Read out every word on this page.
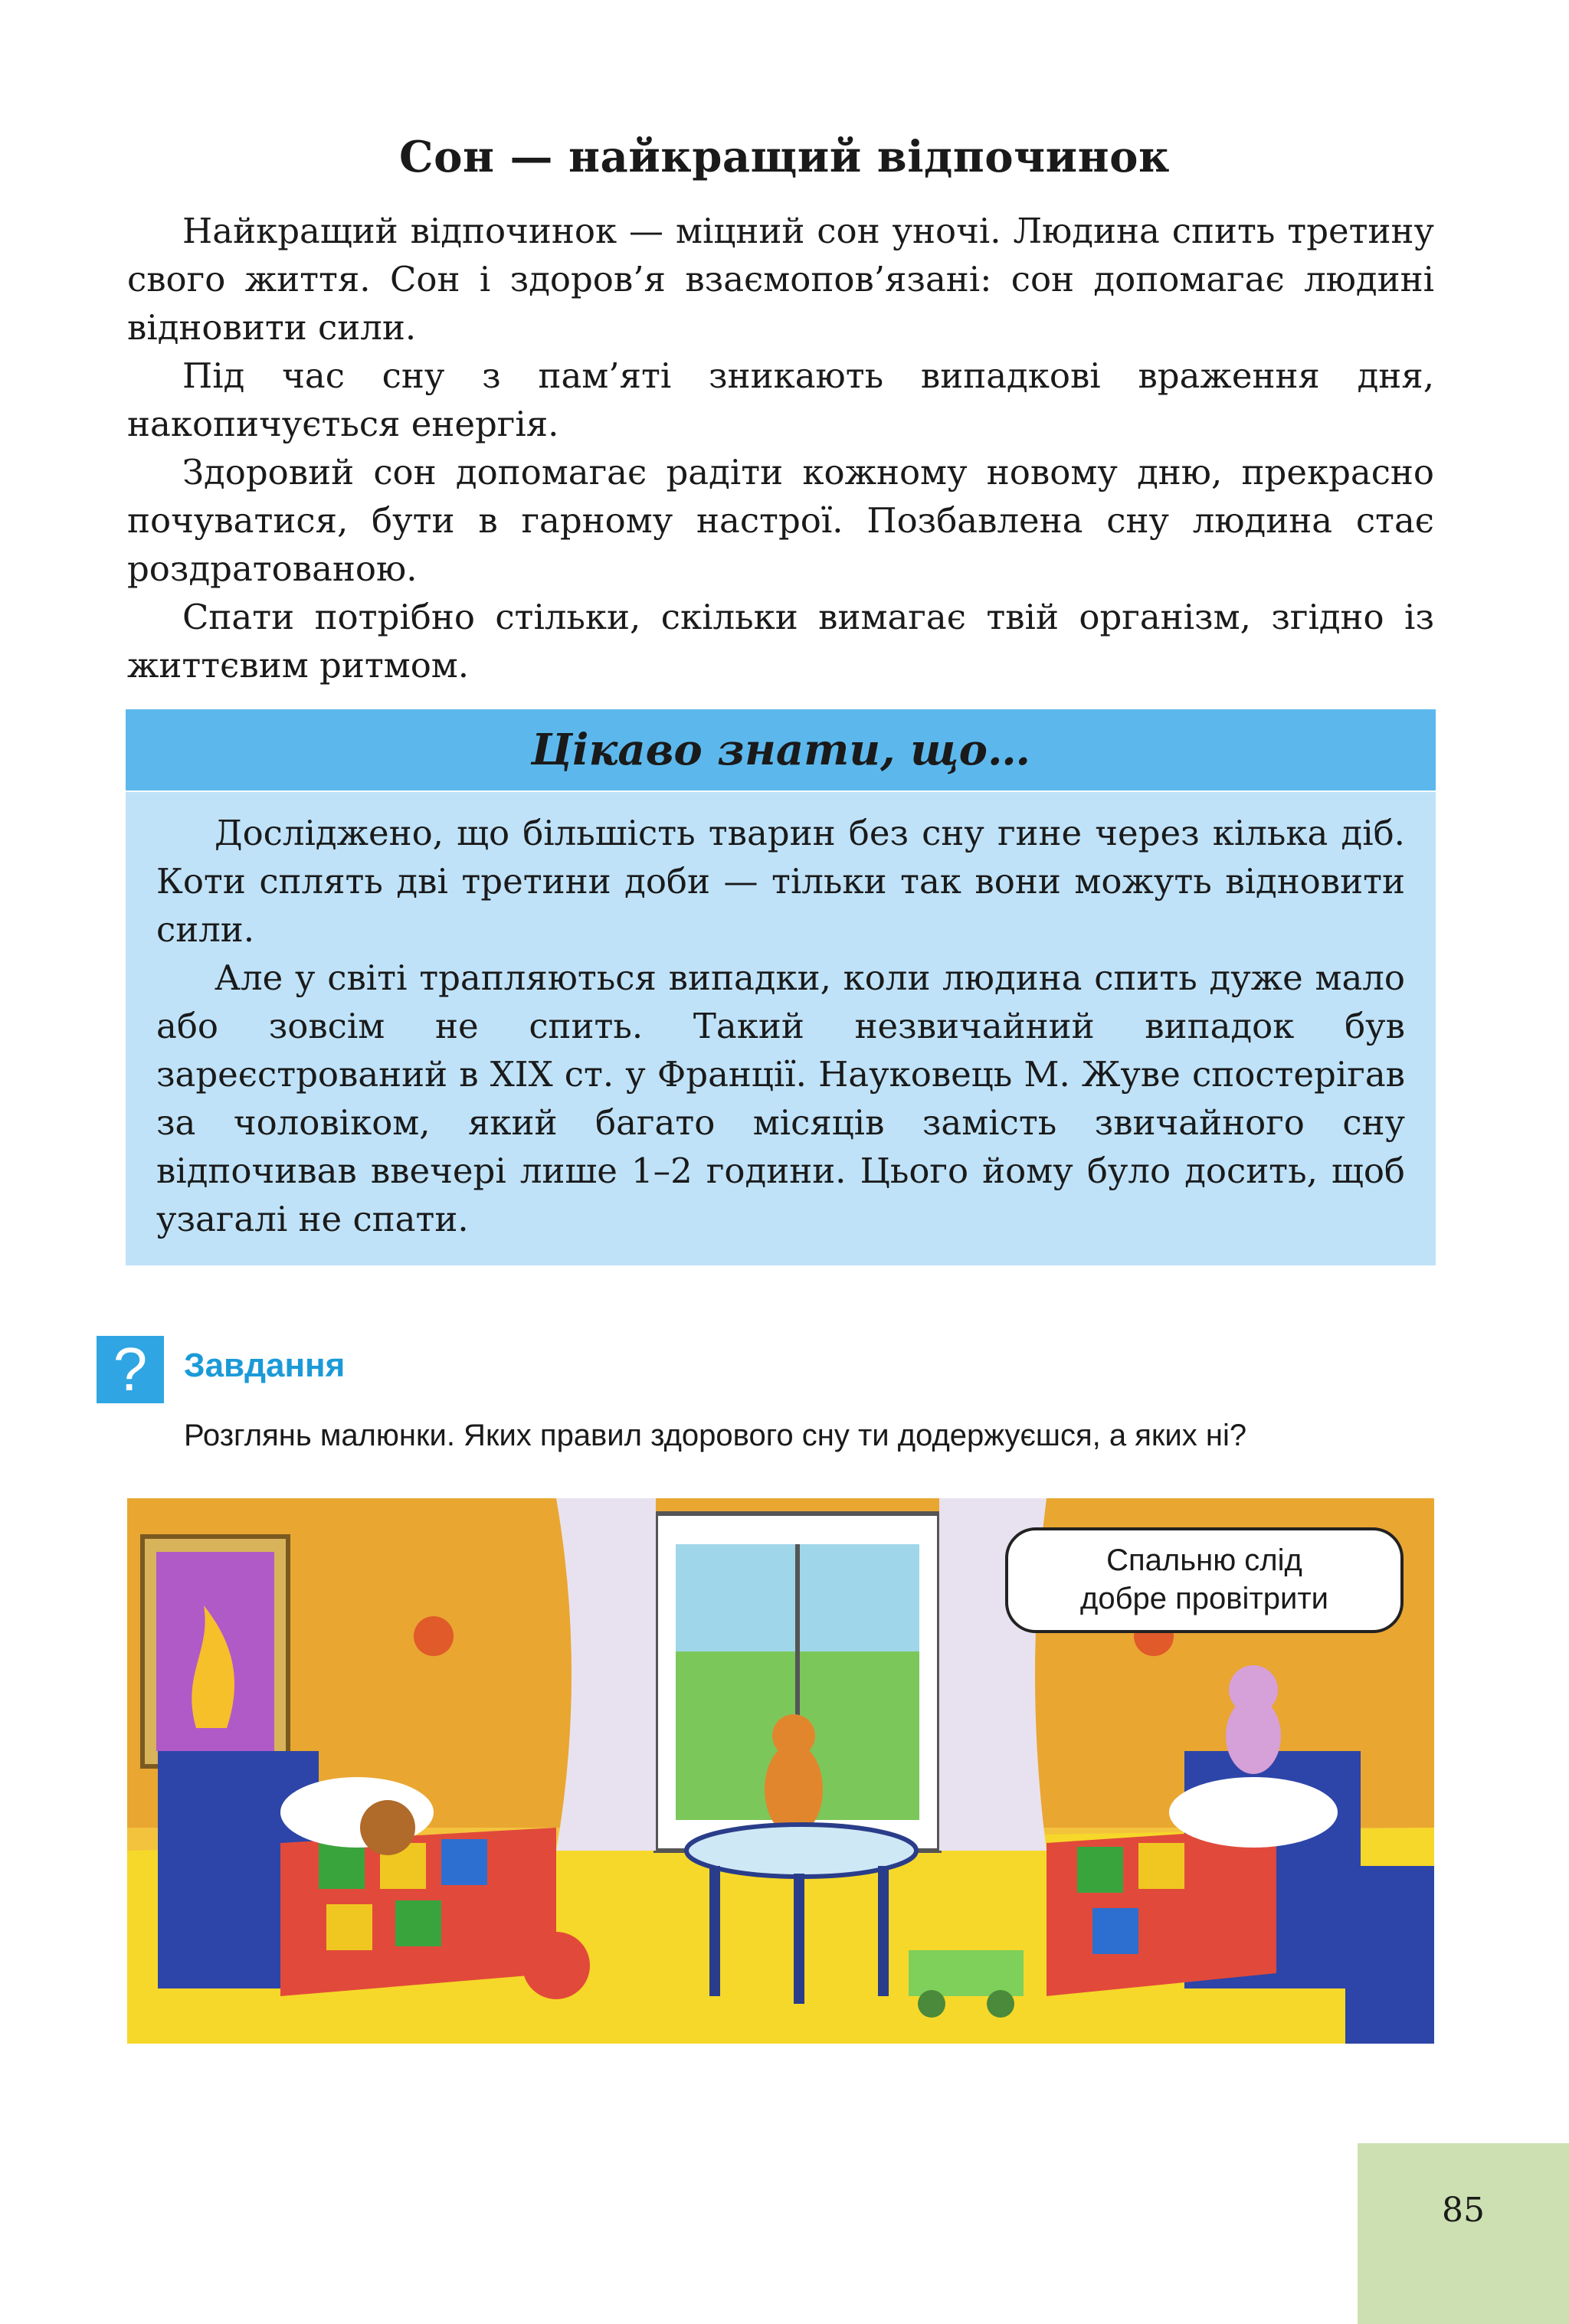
Сон — найкращий відпочинок

Найкращий відпочинок — міцний сон уночі. Людина спить третину свого життя. Сон і здоров’я взаємопов’язані: сон допомагає людині відновити сили.

Під час сну з пам’яті зникають випадкові враження дня, накопичується енергія.

Здоровий сон допомагає радіти кожному новому дню, прекрасно почуватися, бути в гарному настрої. Позбавлена сну людина стає роздратованою.

Спати потрібно стільки, скільки вимагає твій організм, згідно із життєвим ритмом.

Цікаво знати, що…

Досліджено, що більшість тварин без сну гине через кілька діб. Коти сплять дві третини доби — тільки так вони можуть відновити сили.

Але у світі трапляються випадки, коли людина спить дуже мало або зовсім не спить. Такий незвичайний випадок був зареєстрований в XIX ст. у Франції. Науковець М. Жуве спостерігав за чоловіком, який багато місяців замість звичайного сну відпочивав ввечері лише 1–2 години. Цього йому було досить, щоб узагалі не спати.

?	Завдання
Розглянь малюнки. Яких правил здорового сну ти додержуєшся, а яких ні?
Спальню слід
добре провітрити
85
